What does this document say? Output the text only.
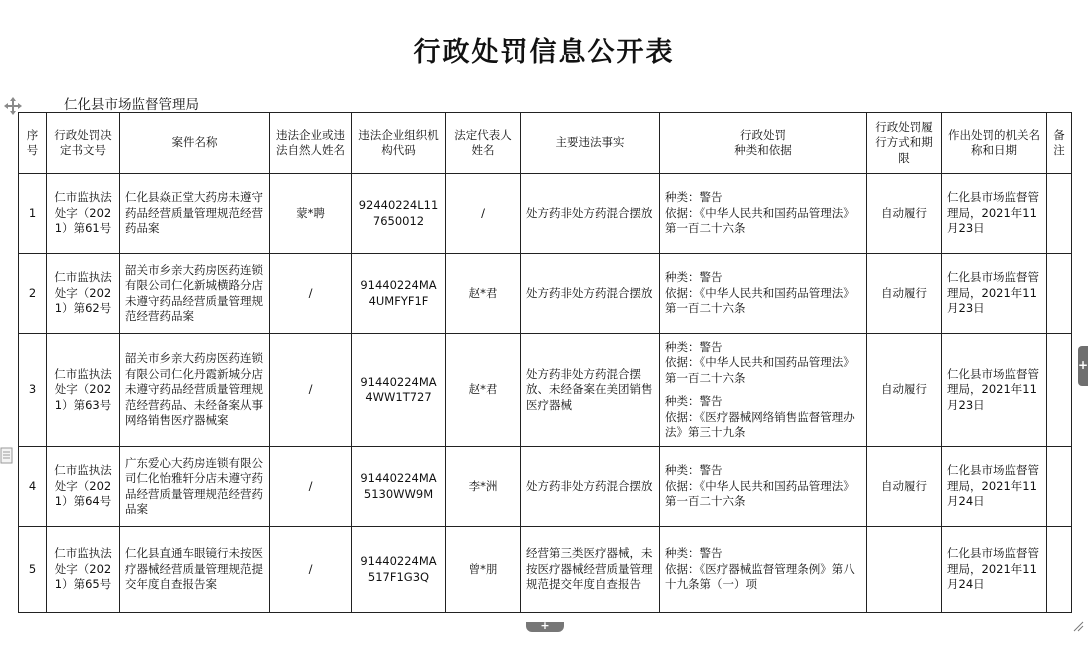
行政处罚信息公开表
仁化县市场监督管理局
序号	行政处罚决定书文号	案件名称	违法企业或违法自然人姓名	违法企业组织机构代码	法定代表人姓名	主要违法事实	行政处罚
种类和依据	行政处罚履行方式和期限	作出处罚的机关名称和日期	备注
1	仁市监执法处字（2021）第61号	仁化县焱正堂大药房未遵守药品经营质量管理规范经营药品案	蒙*聘	92440224L117650012	/	处方药非处方药混合摆放	种类：警告
依据：《中华人民共和国药品管理法》第一百二十六条	自动履行	仁化县市场监督管理局，2021年11月23日	
2	仁市监执法处字（2021）第62号	韶关市乡亲大药房医药连锁有限公司仁化新城横路分店未遵守药品经营质量管理规范经营药品案	/	91440224MA4UMFYF1F	赵*君	处方药非处方药混合摆放	种类：警告
依据：《中华人民共和国药品管理法》第一百二十六条	自动履行	仁化县市场监督管理局，2021年11月23日	
3	仁市监执法处字（2021）第63号	韶关市乡亲大药房医药连锁有限公司仁化丹霞新城分店未遵守药品经营质量管理规范经营药品、未经备案从事网络销售医疗器械案	/	91440224MA4WW1T727	赵*君	处方药非处方药混合摆放、未经备案在美团销售医疗器械	种类：警告
依据：《中华人民共和国药品管理法》第一百二十六条
种类：警告
依据：《医疗器械网络销售监督管理办法》第三十九条	自动履行	仁化县市场监督管理局，2021年11月23日	
4	仁市监执法处字（2021）第64号	广东爱心大药房连锁有限公司仁化怡雅轩分店未遵守药品经营质量管理规范经营药品案	/	91440224MA5130WW9M	李*洲	处方药非处方药混合摆放	种类：警告
依据：《中华人民共和国药品管理法》第一百二十六条	自动履行	仁化县市场监督管理局，2021年11月24日	
5	仁市监执法处字（2021）第65号	仁化县直通车眼镜行未按医疗器械经营质量管理规范提交年度自查报告案	/	91440224MA517F1G3Q	曾*朋	经营第三类医疗器械，未按医疗器械经营质量管理规范提交年度自查报告	种类：警告
依据：《医疗器械监督管理条例》第八十九条第（一）项		仁化县市场监督管理局，2021年11月24日	
+
+
